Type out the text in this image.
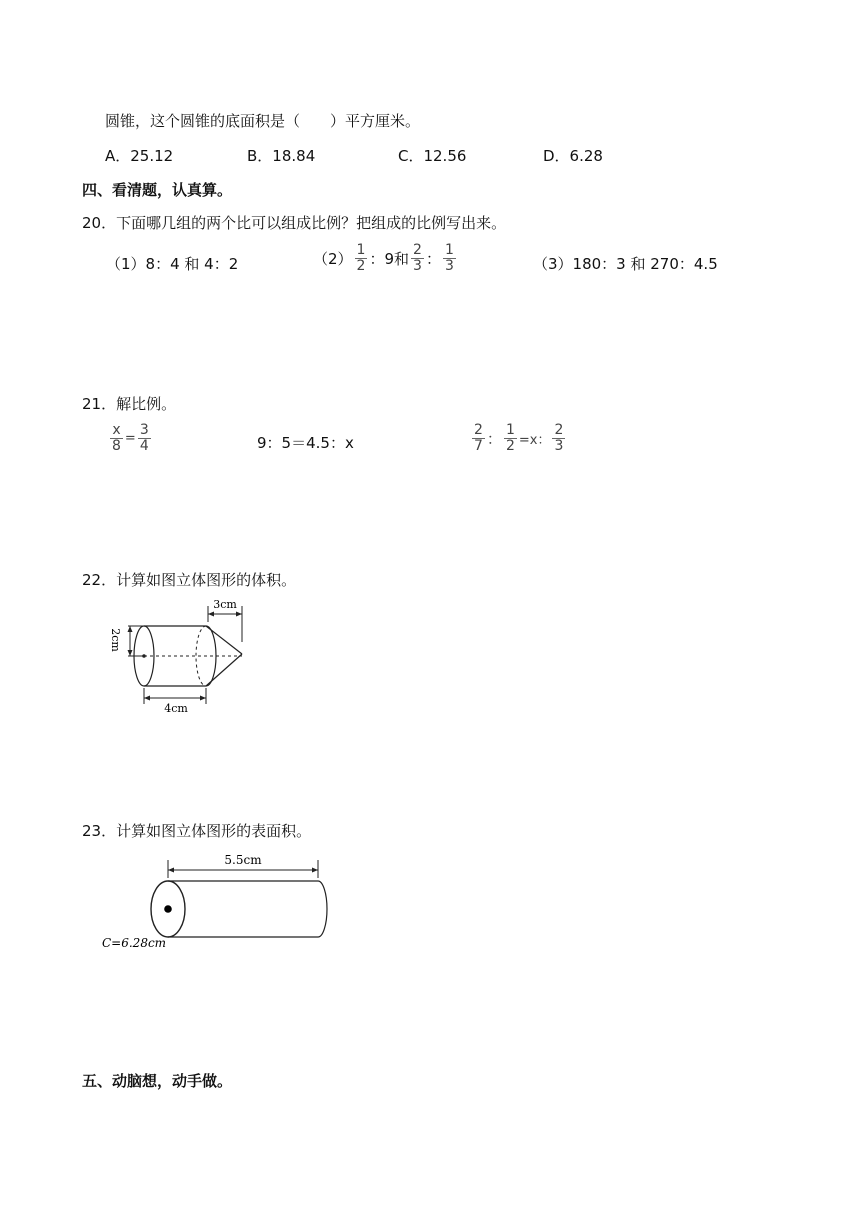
圆锥，这个圆锥的底面积是（　　）平方厘米。
A．25.12	B．18.84	C．12.56	D．6.28
四、看清题，认真算。
20．下面哪几组的两个比可以组成比例？把组成的比例写出来。
（1）8：4 和 4：2	$(2) \frac{1}{2}$ ：9和 $\frac{2}{3}$ ： $\frac{1}{3}$	（3）180：3 和 270：4.5
21．解比例。
$\frac{x}{8} = \frac{3}{4}$	9：5＝4.5：x	$\frac{2}{7}$ ： $\frac{1}{2} =x$： $\frac{2}{3}$
22．计算如图立体图形的体积。
3cm
2cm
4cm
23．计算如图立体图形的表面积。
5.5cm
C=6.28cm
五、动脑想，动手做。
